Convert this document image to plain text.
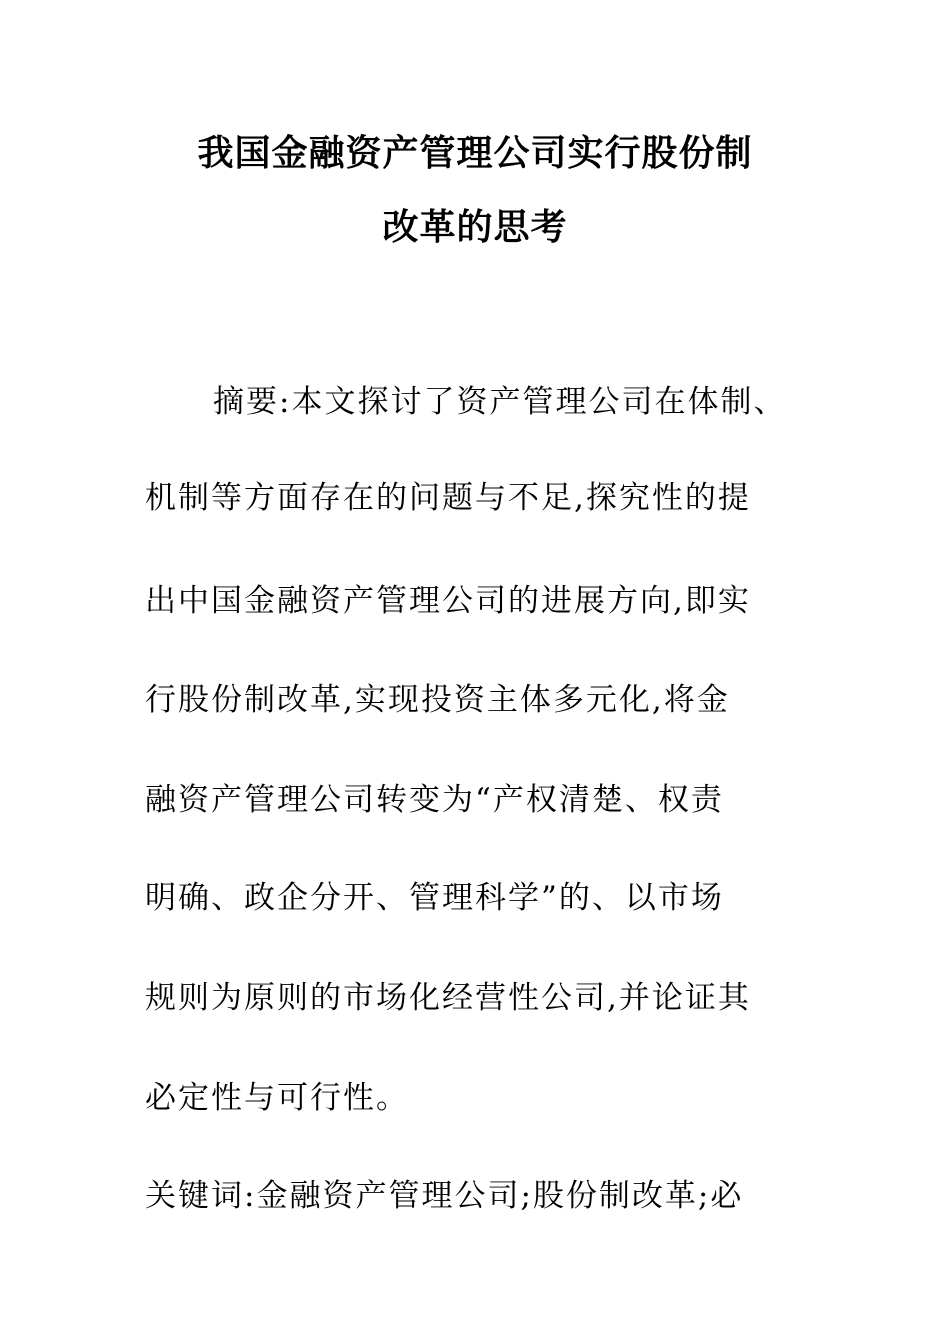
我国金融资产管理公司实行股份制
改革的思考
摘要:本文探讨了资产管理公司在体制、
机制等方面存在的问题与不足,探究性的提
出中国金融资产管理公司的进展方向,即实
行股份制改革,实现投资主体多元化,将金
融资产管理公司转变为“产权清楚、权责
明确、政企分开、管理科学”的、以市场
规则为原则的市场化经营性公司,并论证其
必定性与可行性。
关键词:金融资产管理公司;股份制改革;必
